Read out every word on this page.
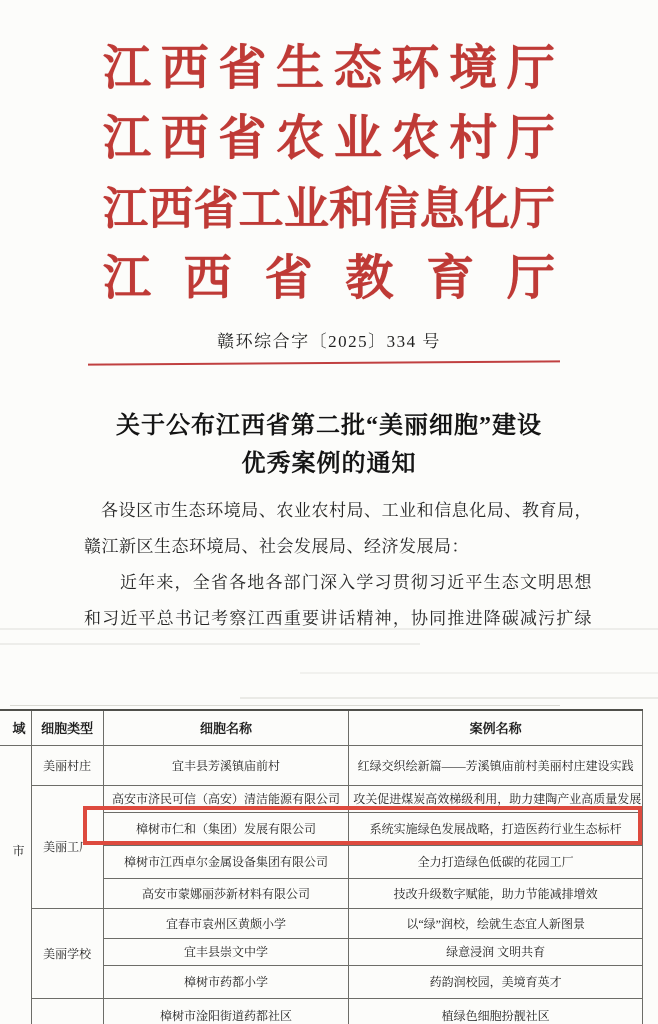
江 西 省 生 态 环 境 厅
江 西 省 农 业 农 村 厅
江 西 省 工 业 和 信 息 化 厅
江 西 省 教 育 厅
赣环综合字〔2025〕334 号
关于公布江西省第二批“美丽细胞”建设
优秀案例的通知
各设区市生态环境局、农业农村局、工业和信息化局、教育局，
赣江新区生态环境局、社会发展局、经济发展局：
近年来，全省各地各部门深入学习贯彻习近平生态文明思想
和习近平总书记考察江西重要讲话精神，协同推进降碳减污扩绿
域	细胞类型	细胞名称	案例名称

市	美丽村庄	宜丰县芳溪镇庙前村	红绿交织绘新篇——芳溪镇庙前村美丽村庄建设实践
	美丽工厂	高安市济民可信（高安）清洁能源有限公司	攻关促进煤炭高效梯级利用，助力建陶产业高质量发展
		樟树市仁和（集团）发展有限公司	系统实施绿色发展战略，打造医药行业生态标杆
		樟树市江西卓尔金属设备集团有限公司	全力打造绿色低碳的花园工厂
		高安市蒙娜丽莎新材料有限公司	技改升级数字赋能，助力节能减排增效
	美丽学校	宜春市袁州区黄颇小学	以“绿”润校，绘就生态宜人新图景
		宜丰县崇文中学	绿意浸润 文明共育
		樟树市药都小学	药韵润校园，美境育英才
		樟树市淦阳街道药都社区	植绿色细胞扮靓社区
